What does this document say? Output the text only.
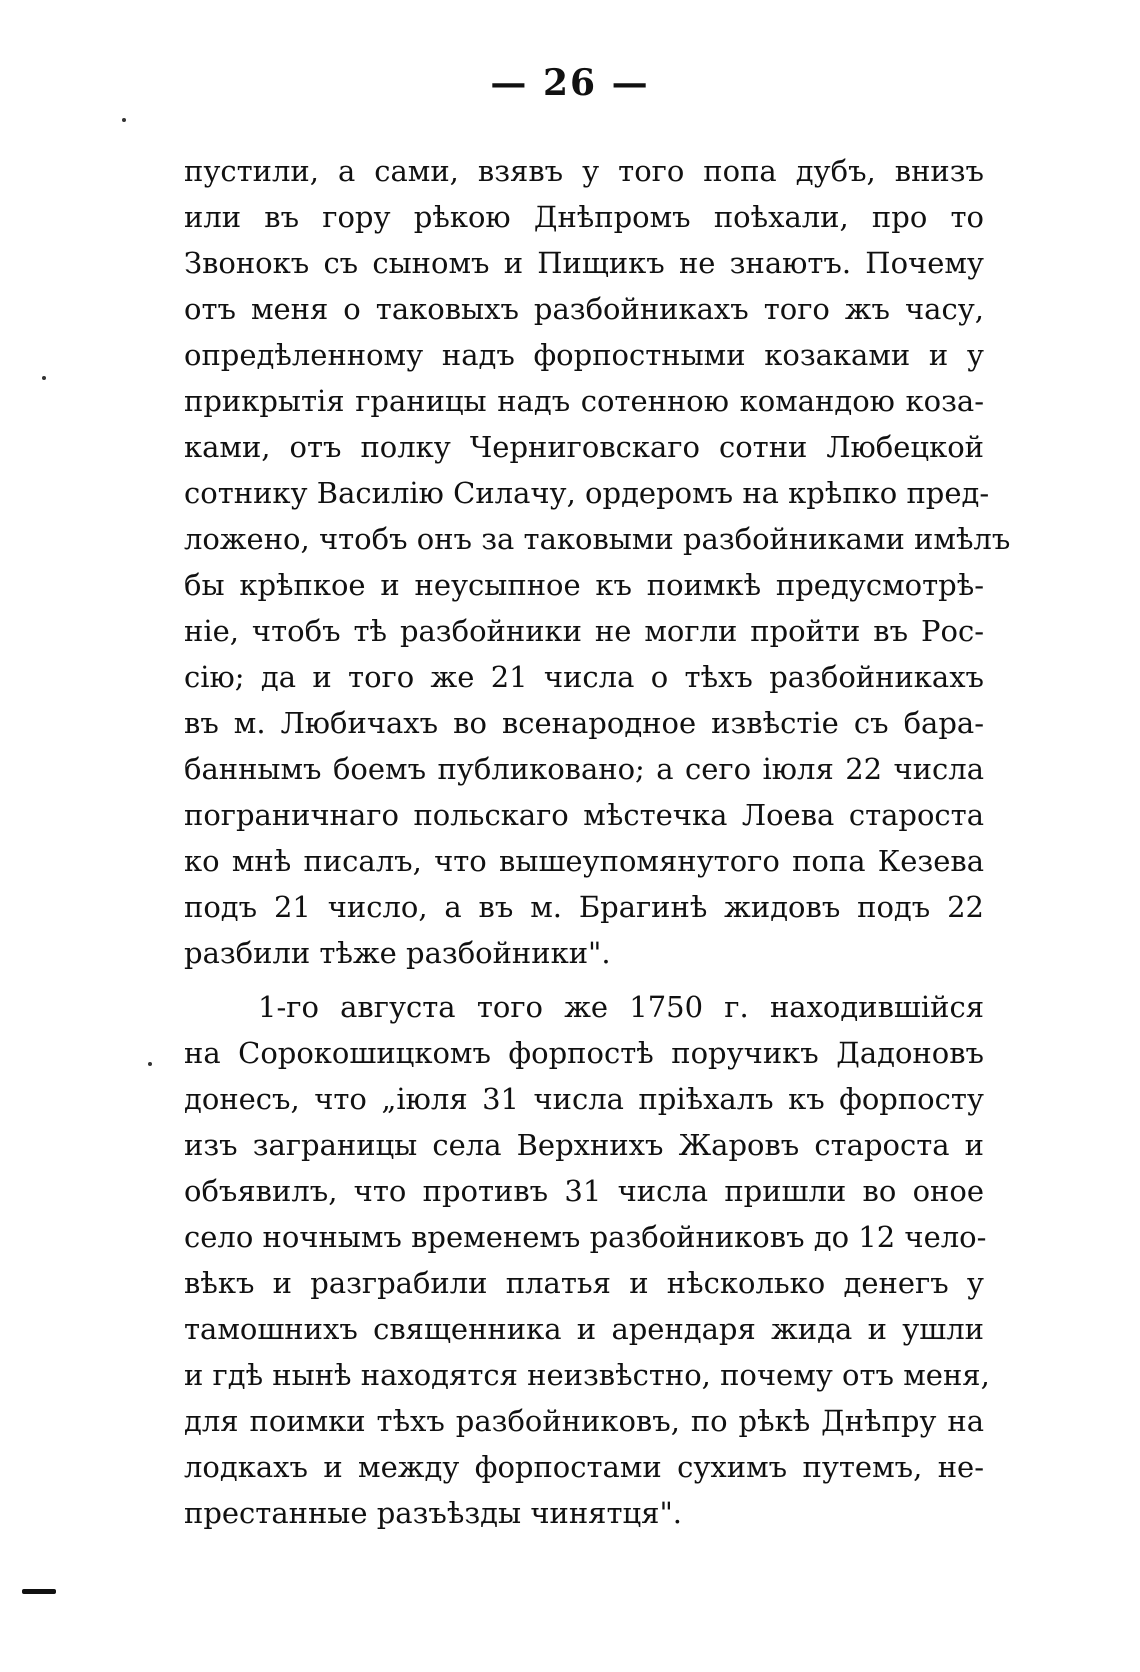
— 26 —
пустили, а сами, взявъ у того попа дубъ, внизъ
или въ гору рѣкою Днѣпромъ поѣхали, про то
Звонокъ съ сыномъ и Пищикъ не знаютъ. Почему
отъ меня о таковыхъ разбойникахъ того жъ часу,
опредѣленному надъ форпостными козаками и у
прикрытія границы надъ сотенною командою коза-
ками, отъ полку Черниговскаго сотни Любецкой
сотнику Василію Силачу, ордеромъ на крѣпко пред-
ложено, чтобъ онъ за таковыми разбойниками имѣлъ
бы крѣпкое и неусыпное къ поимкѣ предусмотрѣ-
ніе, чтобъ тѣ разбойники не могли пройти въ Рос-
сію; да и того же 21 числа о тѣхъ разбойникахъ
въ м. Любичахъ во всенародное извѣстіе съ бара-
баннымъ боемъ публиковано; а сего іюля 22 числа
пограничнаго польскаго мѣстечка Лоева староста
ко мнѣ писалъ, что вышеупомянутого попа Кезева
подъ 21 число, а въ м. Брагинѣ жидовъ подъ 22
разбили тѣже разбойники".
1-го августа того же 1750 г. находившійся
на Сорокошицкомъ форпостѣ поручикъ Дадоновъ
донесъ, что „іюля 31 числа пріѣхалъ къ форпосту
изъ заграницы села Верхнихъ Жаровъ староста и
объявилъ, что противъ 31 числа пришли во оное
село ночнымъ временемъ разбойниковъ до 12 чело-
вѣкъ и разграбили платья и нѣсколько денегъ у
тамошнихъ священника и арендаря жида и ушли
и гдѣ нынѣ находятся неизвѣстно, почему отъ меня,
для поимки тѣхъ разбойниковъ, по рѣкѣ Днѣпру на
лодкахъ и между форпостами сухимъ путемъ, не-
престанные разъѣзды чинятця".
